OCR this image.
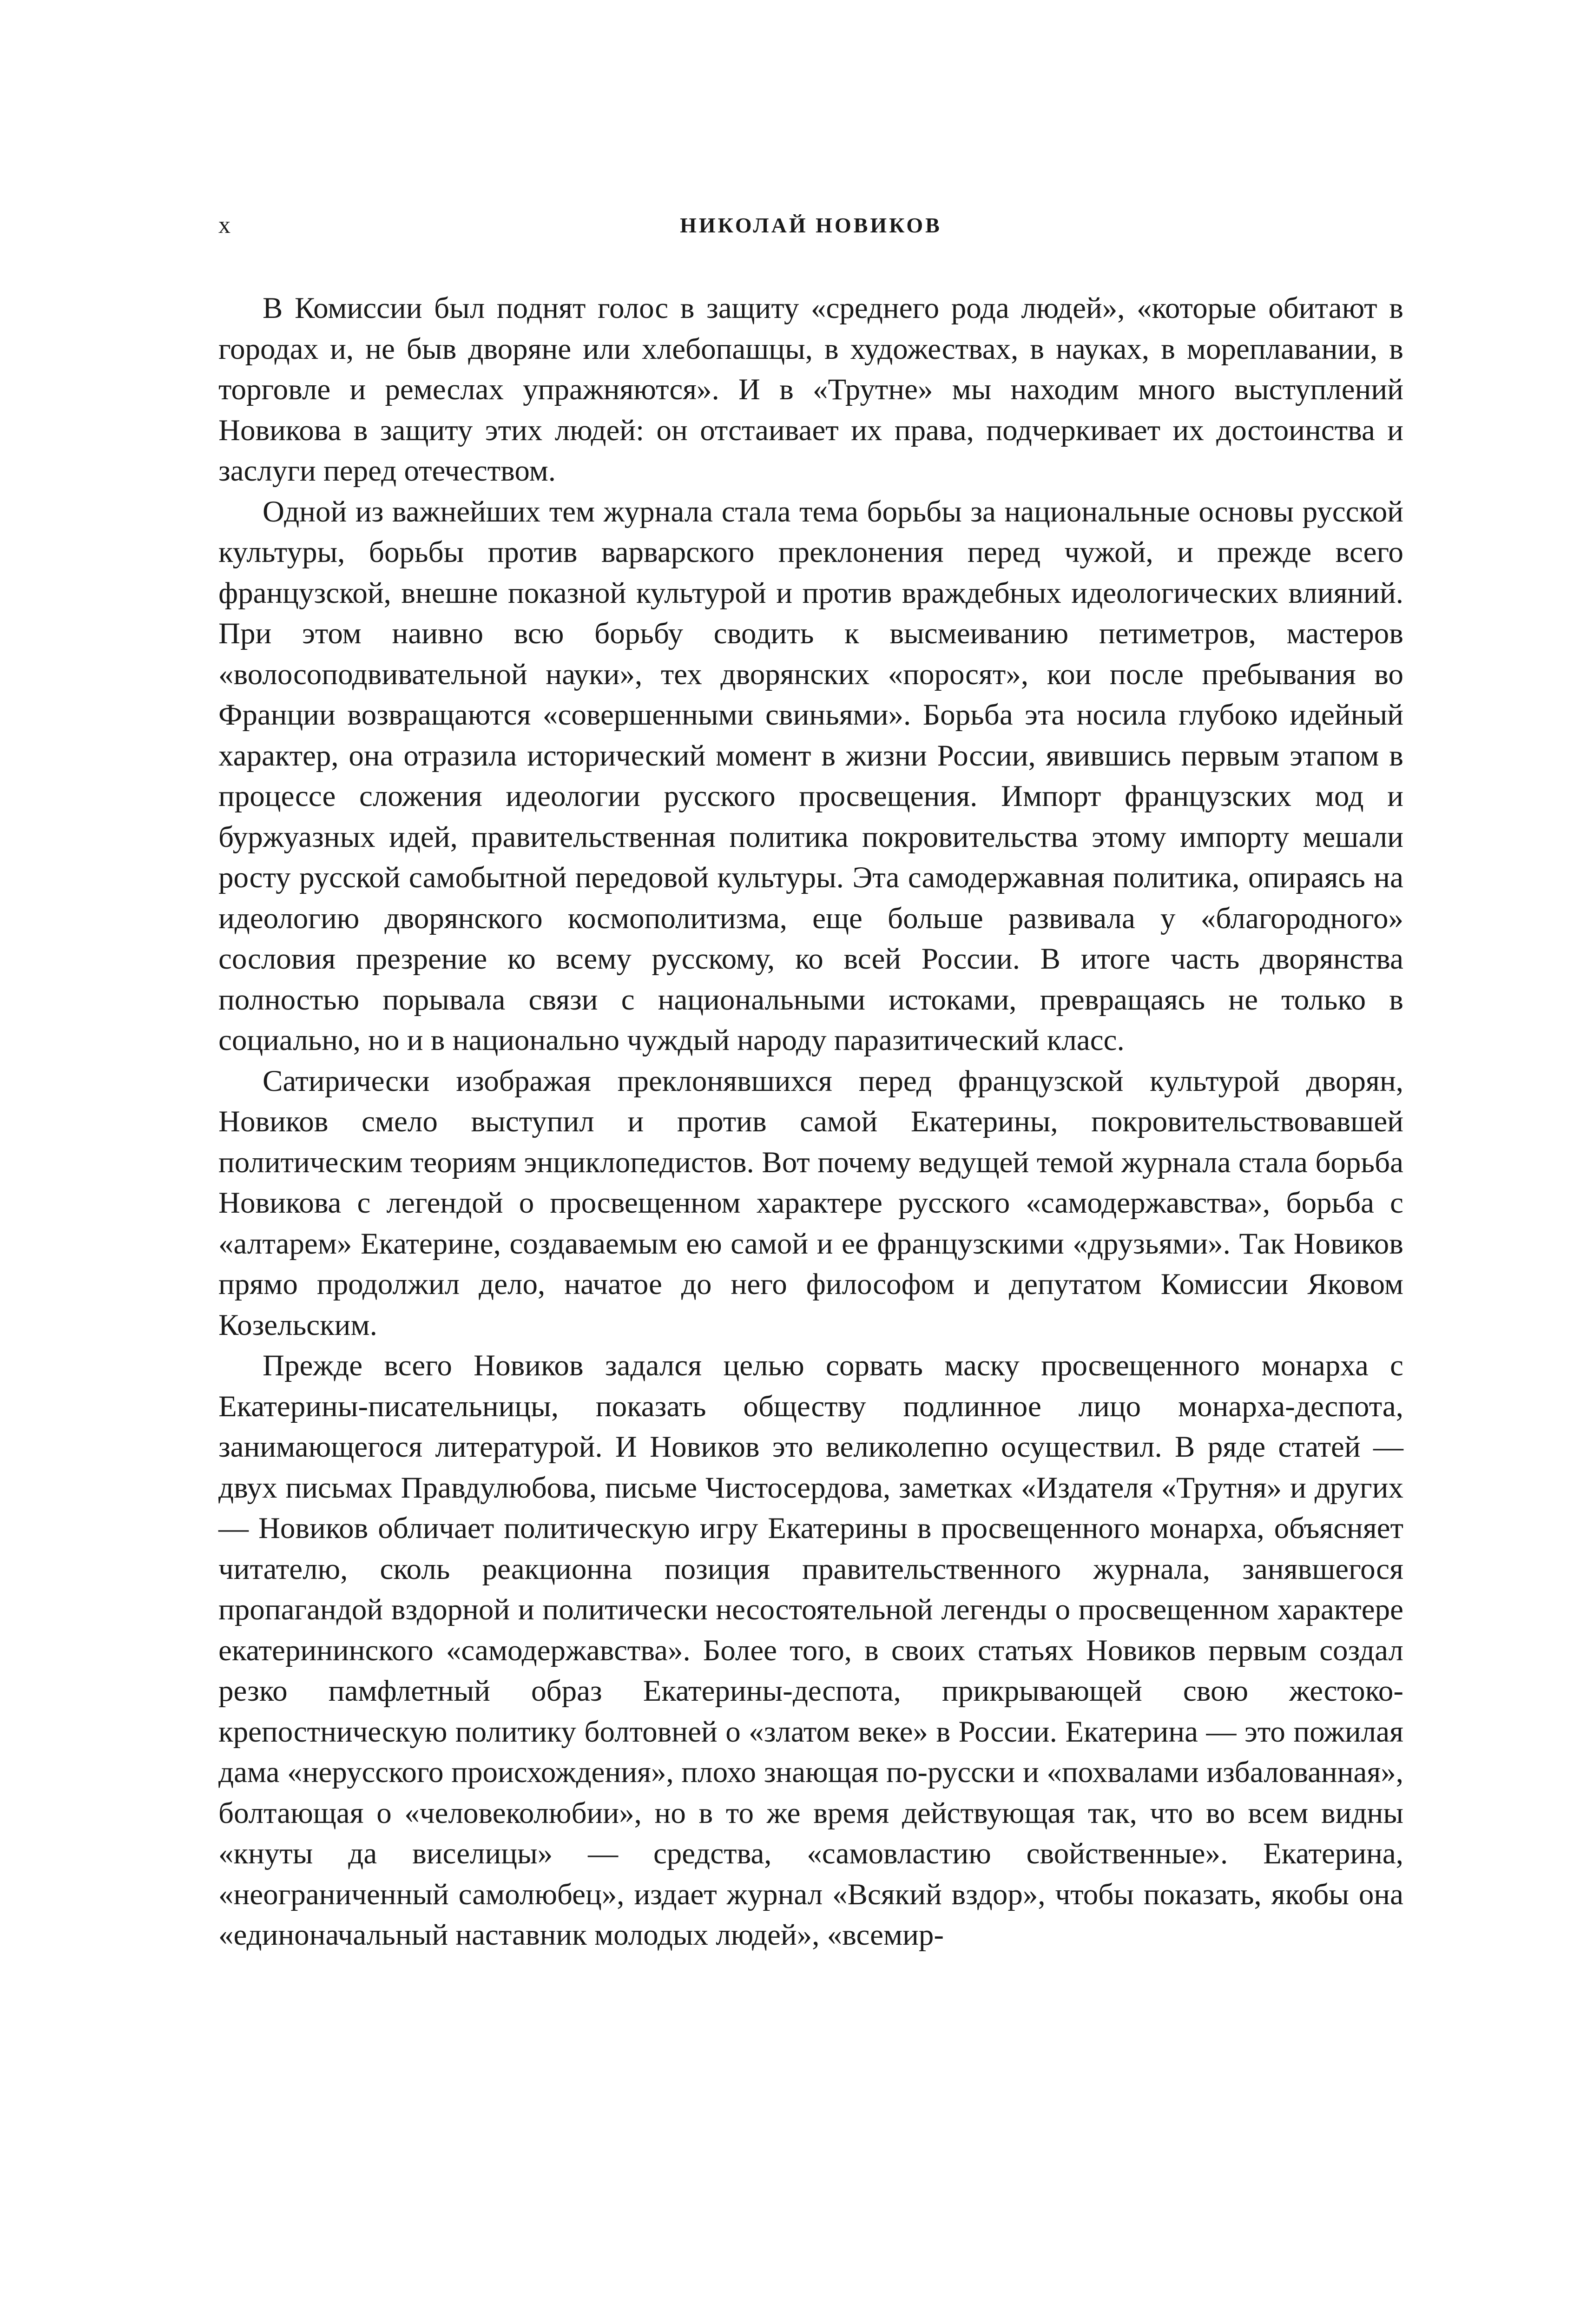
x	НИКОЛАЙ НОВИКОВ

В Комиссии был поднят голос в защиту «среднего рода людей», «которые обитают в городах и, не быв дворяне или хлебопашцы, в художествах, в науках, в мореплавании, в торговле и ремеслах упражняются». И в «Трутне» мы находим много выступлений Новикова в защиту этих людей: он отстаивает их права, подчеркивает их достоинства и заслуги перед отечеством.

Одной из важнейших тем журнала стала тема борьбы за национальные основы русской культуры, борьбы против варварского преклонения перед чужой, и прежде всего французской, внешне показной культурой и против враждебных идеологических влияний. При этом наивно всю борьбу сводить к высмеиванию петиметров, мастеров «волосоподвивательной науки», тех дворянских «поросят», кои после пребывания во Франции возвращаются «совершенными свиньями». Борьба эта носила глубоко идейный характер, она отразила исторический момент в жизни России, явившись первым этапом в процессе сложения идеологии русского просвещения. Импорт французских мод и буржуазных идей, правительственная политика покровительства этому импорту мешали росту русской самобытной передовой культуры. Эта самодержавная политика, опираясь на идеологию дворянского космополитизма, еще больше развивала у «благородного» сословия презрение ко всему русскому, ко всей России. В итоге часть дворянства полностью порывала связи с национальными истоками, превращаясь не только в социально, но и в национально чуждый народу паразитический класс.

Сатирически изображая преклонявшихся перед французской культурой дворян, Новиков смело выступил и против самой Екатерины, покровительствовавшей политическим теориям энциклопедистов. Вот почему ведущей темой журнала стала борьба Новикова с легендой о просвещенном характере русского «самодержавства», борьба с «алтарем» Екатерине, создаваемым ею самой и ее французскими «друзьями». Так Новиков прямо продолжил дело, начатое до него философом и депутатом Комиссии Яковом Козельским.

Прежде всего Новиков задался целью сорвать маску просвещенного монарха с Екатерины-писательницы, показать обществу подлинное лицо монарха-деспота, занимающегося литературой. И Новиков это великолепно осуществил. В ряде статей — двух письмах Правдулюбова, письме Чистосердова, заметках «Издателя «Трутня» и других — Новиков обличает политическую игру Екатерины в просвещенного монарха, объясняет читателю, сколь реакционна позиция правительственного журнала, занявшегося пропагандой вздорной и политически несостоятельной легенды о просвещенном характере екатерининского «самодержавства». Более того, в своих статьях Новиков первым создал резко памфлетный образ Екатерины-деспота, прикрывающей свою жестоко-крепостническую политику болтовней о «златом веке» в России. Екатерина — это пожилая дама «нерусского происхождения», плохо знающая по-русски и «похвалами избалованная», болтающая о «человеколюбии», но в то же время действующая так, что во всем видны «кнуты да виселицы» — средства, «самовластию свойственные». Екатерина, «неограниченный самолюбец», издает журнал «Всякий вздор», чтобы показать, якобы она «единоначальный наставник молодых людей», «всемир-
